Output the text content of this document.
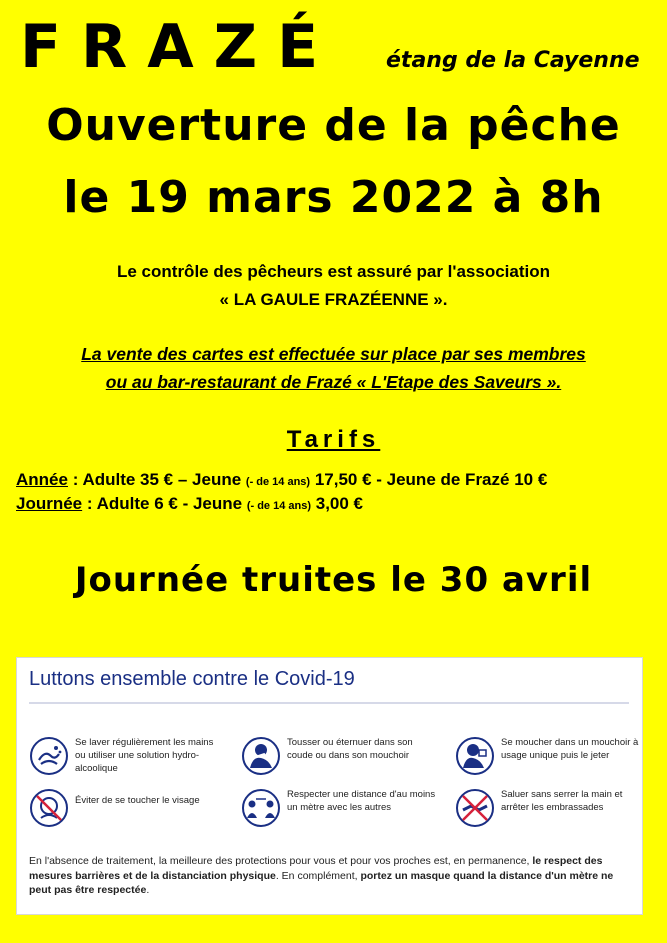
FRAZÉ étang de la Cayenne
Ouverture de la pêche
le 19 mars 2022 à 8h
Le contrôle des pêcheurs est assuré par l'association
« LA GAULE FRAZÉENNE ».
La vente des cartes est effectuée sur place par ses membres
ou au bar-restaurant de Frazé « L'Etape des Saveurs ».
Tarifs
Année : Adulte 35 € – Jeune (- de 14 ans) 17,50 € - Jeune de Frazé 10 €
Journée : Adulte 6 € - Jeune (- de 14 ans) 3,00 €
Journée truites le 30 avril
Luttons ensemble contre le Covid-19
Se laver régulièrement les mains ou utiliser une solution hydro-alcoolique
Tousser ou éternuer dans son coude ou dans son mouchoir
Se moucher dans un mouchoir à usage unique puis le jeter
Éviter de se toucher le visage
Respecter une distance d'au moins un mètre avec les autres
Saluer sans serrer la main et arrêter les embrassades
En l'absence de traitement, la meilleure des protections pour vous et pour vos proches est, en permanence, le respect des mesures barrières et de la distanciation physique. En complément, portez un masque quand la distance d'un mètre ne peut pas être respectée.
